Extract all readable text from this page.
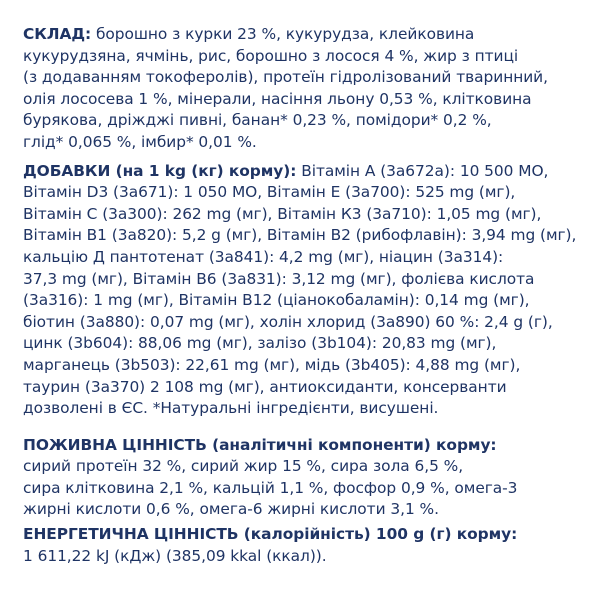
СКЛАД: борошно з курки 23 %, кукурудза, клейковина

кукурудзяна, ячмінь, рис, борошно з лосося 4 %, жир з птиці

(з додаванням токоферолів), протеїн гідролізований тваринний,

олія лососева 1 %, мінерали, насіння льону 0,53 %, клітковина

бурякова, дріжджі пивні, банан* 0,23 %, помідори* 0,2 %,

глід* 0,065 %, імбир* 0,01 %.

ДОБАВКИ (на 1 kg (кг) корму): Вітамін А (3а672а): 10 500 МО,

Вітамін D3 (3а671): 1 050 МО, Вітамін Е (3а700): 525 mg (мг),

Вітамін С (3а300): 262 mg (мг), Вітамін К3 (3а710): 1,05 mg (мг),

Вітамін В1 (3а820): 5,2 g (мг), Вітамін В2 (рибофлавін): 3,94 mg (мг),

кальцію Д пантотенат (3а841): 4,2 mg (мг), ніацин (3а314):

37,3 mg (мг), Вітамін В6 (3а831): 3,12 mg (мг), фолієва кислота

(3а316): 1 mg (мг), Вітамін В12 (ціанокобаламін): 0,14 mg (мг),

біотин (3а880): 0,07 mg (мг), холін хлорид (3а890) 60 %: 2,4 g (г),

цинк (3b604): 88,06 mg (мг), залізо (3b104): 20,83 mg (мг),

марганець (3b503): 22,61 mg (мг), мідь (3b405): 4,88 mg (мг),

таурин (3а370) 2 108 mg (мг), антиоксиданти, консерванти

дозволені в ЄС. *Натуральні інгредієнти, висушені.

ПОЖИВНА ЦІННІСТЬ (аналітичні компоненти) корму:

сирий протеїн 32 %, сирий жир 15 %, сира зола 6,5 %,

сира клітковина 2,1 %, кальцій 1,1 %, фосфор 0,9 %, омега-3

жирні кислоти 0,6 %, омега-6 жирні кислоти 3,1 %.

ЕНЕРГЕТИЧНА ЦІННІСТЬ (калорійність) 100 g (г) корму:

1 611,22 kJ (кДж) (385,09 kkal (ккал)).
